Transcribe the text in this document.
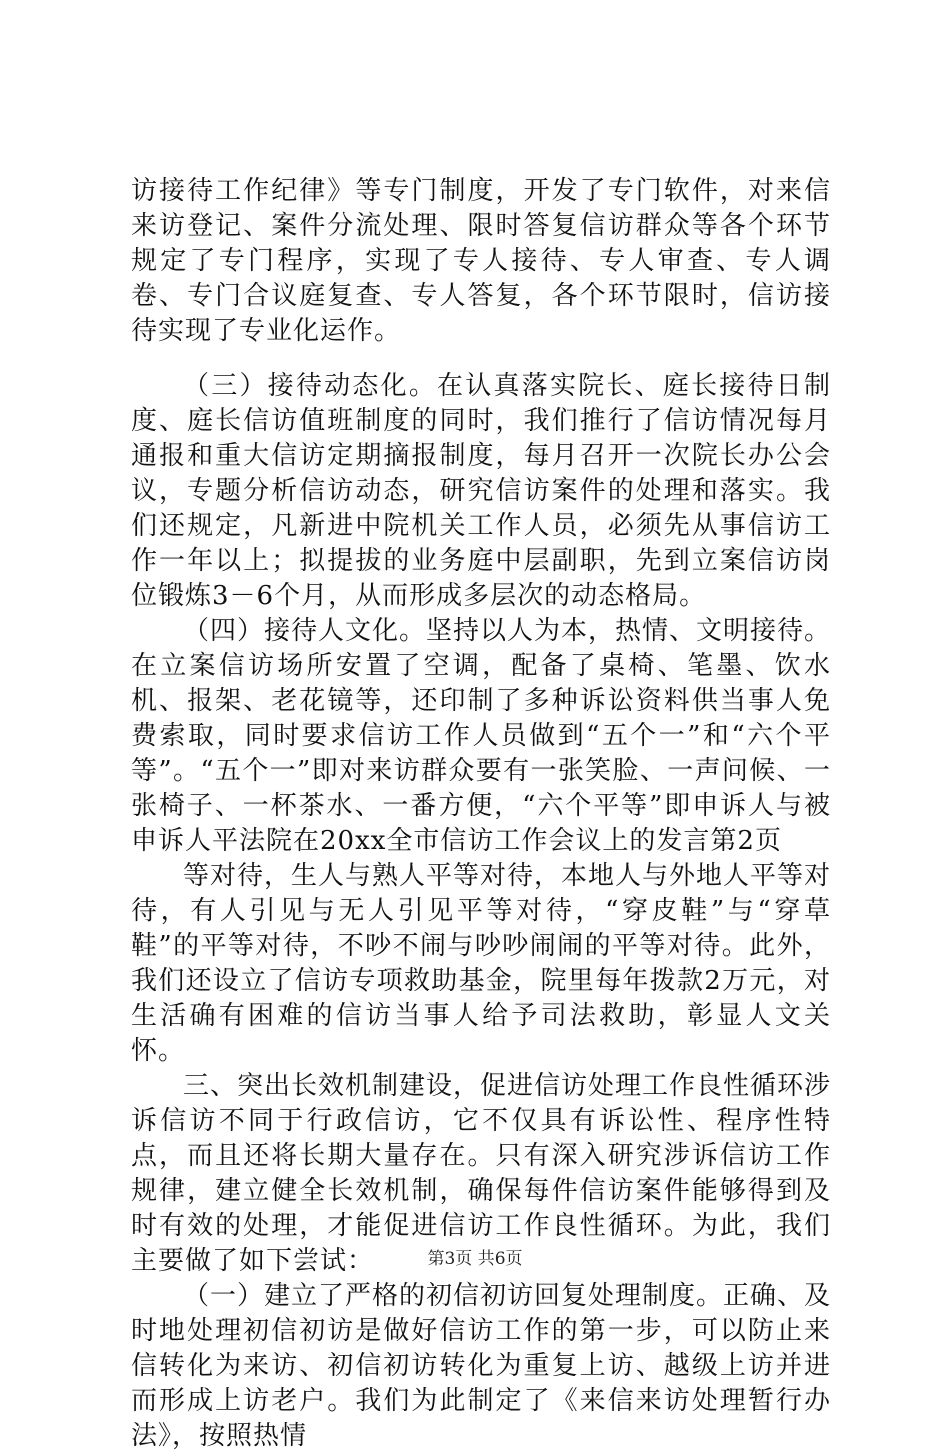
访接待工作纪律》等专门制度，开发了专门软件，对来信来访登记、案件分流处理、限时答复信访群众等各个环节规定了专门程序，实现了专人接待、专人审查、专人调卷、专门合议庭复查、专人答复，各个环节限时，信访接待实现了专业化运作。

（三）接待动态化。在认真落实院长、庭长接待日制度、庭长信访值班制度的同时，我们推行了信访情况每月通报和重大信访定期摘报制度，每月召开一次院长办公会议，专题分析信访动态，研究信访案件的处理和落实。我们还规定，凡新进中院机关工作人员，必须先从事信访工作一年以上；拟提拔的业务庭中层副职，先到立案信访岗位锻炼3－6个月，从而形成多层次的动态格局。

（四）接待人文化。坚持以人为本，热情、文明接待。在立案信访场所安置了空调，配备了桌椅、笔墨、饮水机、报架、老花镜等，还印制了多种诉讼资料供当事人免费索取，同时要求信访工作人员做到“五个一”和“六个平等”。“五个一”即对来访群众要有一张笑脸、一声问候、一张椅子、一杯茶水、一番方便，“六个平等”即申诉人与被申诉人平法院在20xx全市信访工作会议上的发言第2页

等对待，生人与熟人平等对待，本地人与外地人平等对待，有人引见与无人引见平等对待，“穿皮鞋”与“穿草鞋”的平等对待，不吵不闹与吵吵闹闹的平等对待。此外，我们还设立了信访专项救助基金，院里每年拨款2万元，对生活确有困难的信访当事人给予司法救助，彰显人文关怀。

三、突出长效机制建设，促进信访处理工作良性循环涉诉信访不同于行政信访，它不仅具有诉讼性、程序性特点，而且还将长期大量存在。只有深入研究涉诉信访工作规律，建立健全长效机制，确保每件信访案件能够得到及时有效的处理，才能促进信访工作良性循环。为此，我们主要做了如下尝试：

（一）建立了严格的初信初访回复处理制度。正确、及时地处理初信初访是做好信访工作的第一步，可以防止来信转化为来访、初信初访转化为重复上访、越级上访并进而形成上访老户。我们为此制定了《来信来访处理暂行办法》，按照热情

第3页 共6页
